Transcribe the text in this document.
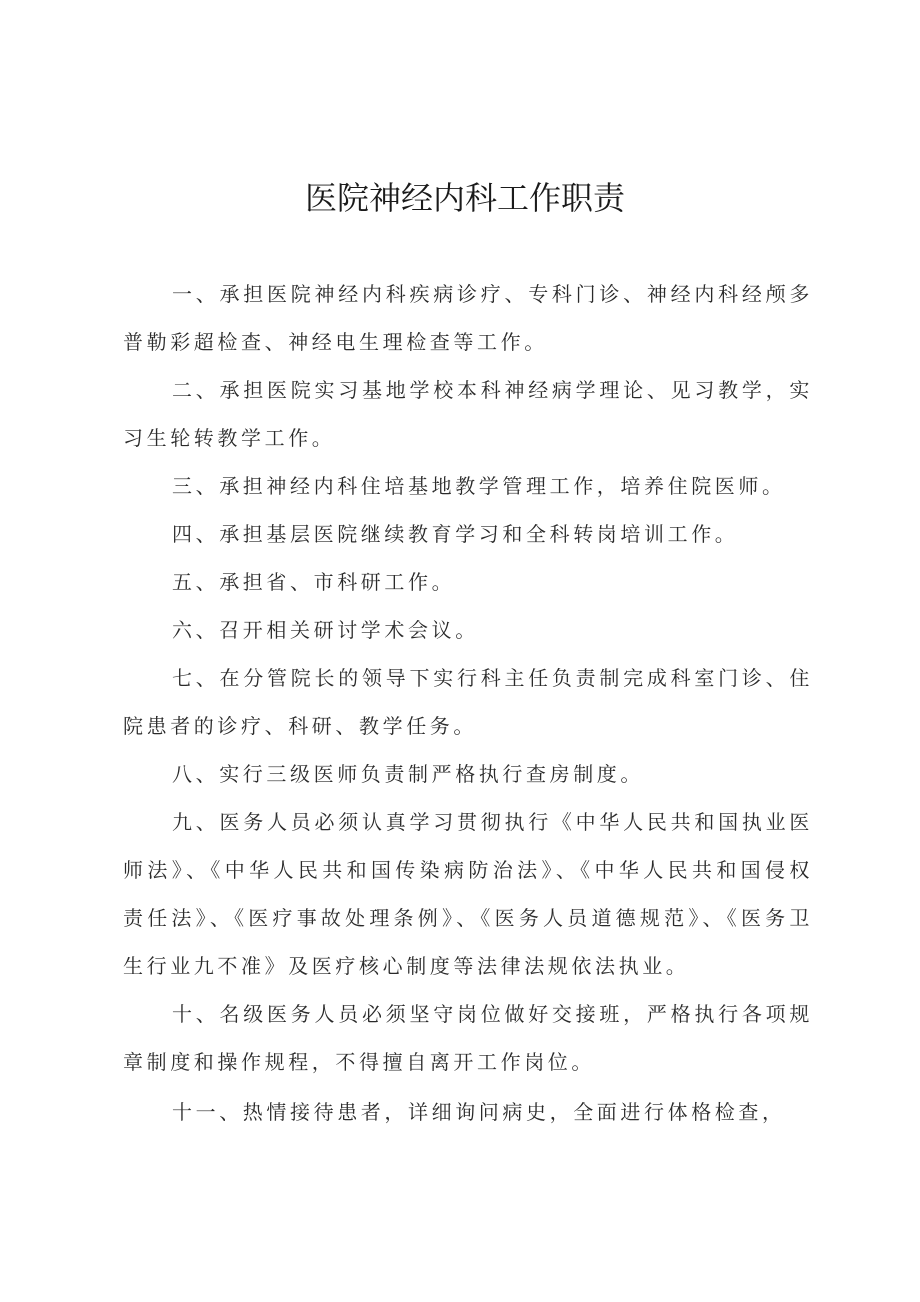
医院神经内科工作职责

一、承担医院神经内科疾病诊疗、专科门诊、神经内科经颅多普勒彩超检查、神经电生理检查等工作。

二、承担医院实习基地学校本科神经病学理论、见习教学，实习生轮转教学工作。

三、承担神经内科住培基地教学管理工作，培养住院医师。

四、承担基层医院继续教育学习和全科转岗培训工作。

五、承担省、市科研工作。

六、召开相关研讨学术会议。

七、在分管院长的领导下实行科主任负责制完成科室门诊、住院患者的诊疗、科研、教学任务。

八、实行三级医师负责制严格执行查房制度。

九、医务人员必须认真学习贯彻执行《中华人民共和国执业医师法》、《中华人民共和国传染病防治法》、《中华人民共和国侵权责任法》、《医疗事故处理条例》、《医务人员道德规范》、《医务卫生行业九不准》及医疗核心制度等法律法规依法执业。

十、名级医务人员必须坚守岗位做好交接班，严格执行各项规章制度和操作规程，不得擅自离开工作岗位。

十一、热情接待患者，详细询问病史，全面进行体格检查，
